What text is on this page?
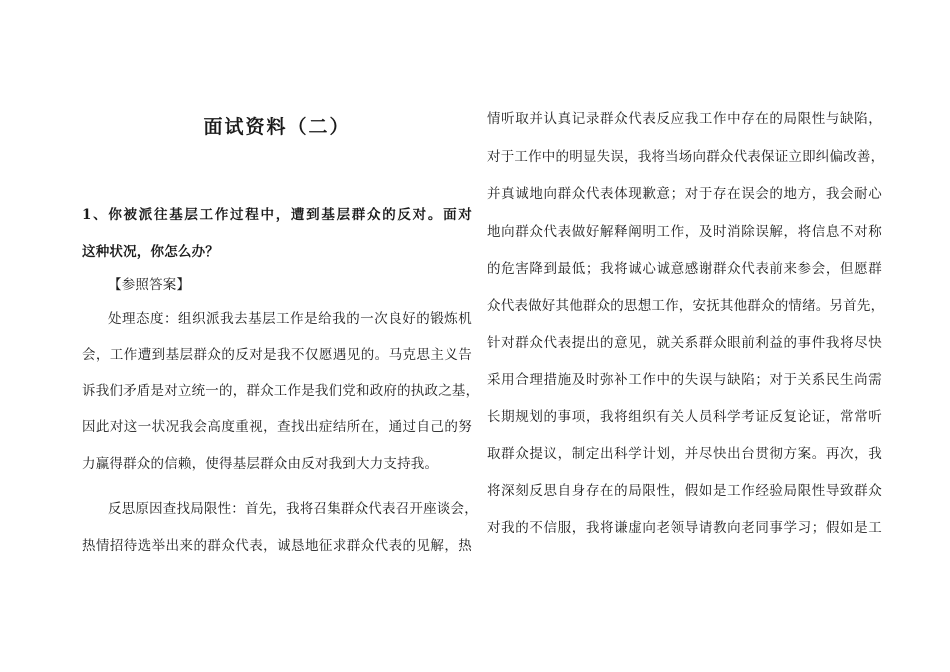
面试资料（二）

1、你被派往基层工作过程中，遭到基层群众的反对。面对

这种状况，你怎么办？

【参照答案】

处理态度：组织派我去基层工作是给我的一次良好的锻炼机

会，工作遭到基层群众的反对是我不仅愿遇见的。马克思主义告

诉我们矛盾是对立统一的，群众工作是我们党和政府的执政之基，

因此对这一状况我会高度重视，查找出症结所在，通过自己的努

力赢得群众的信赖，使得基层群众由反对我到大力支持我。

反思原因查找局限性：首先，我将召集群众代表召开座谈会，

热情招待选举出来的群众代表，诚恳地征求群众代表的见解，热

情听取并认真记录群众代表反应我工作中存在的局限性与缺陷，

对于工作中的明显失误，我将当场向群众代表保证立即纠偏改善，

并真诚地向群众代表体现歉意；对于存在误会的地方，我会耐心

地向群众代表做好解释阐明工作，及时消除误解，将信息不对称

的危害降到最低；我将诚心诚意感谢群众代表前来参会，但愿群

众代表做好其他群众的思想工作，安抚其他群众的情绪。另首先，

针对群众代表提出的意见，就关系群众眼前利益的事件我将尽快

采用合理措施及时弥补工作中的失误与缺陷；对于关系民生尚需

长期规划的事项，我将组织有关人员科学考证反复论证，常常听

取群众提议，制定出科学计划，并尽快出台贯彻方案。再次，我

将深刻反思自身存在的局限性，假如是工作经验局限性导致群众

对我的不信服，我将谦虚向老领导请教向老同事学习；假如是工
